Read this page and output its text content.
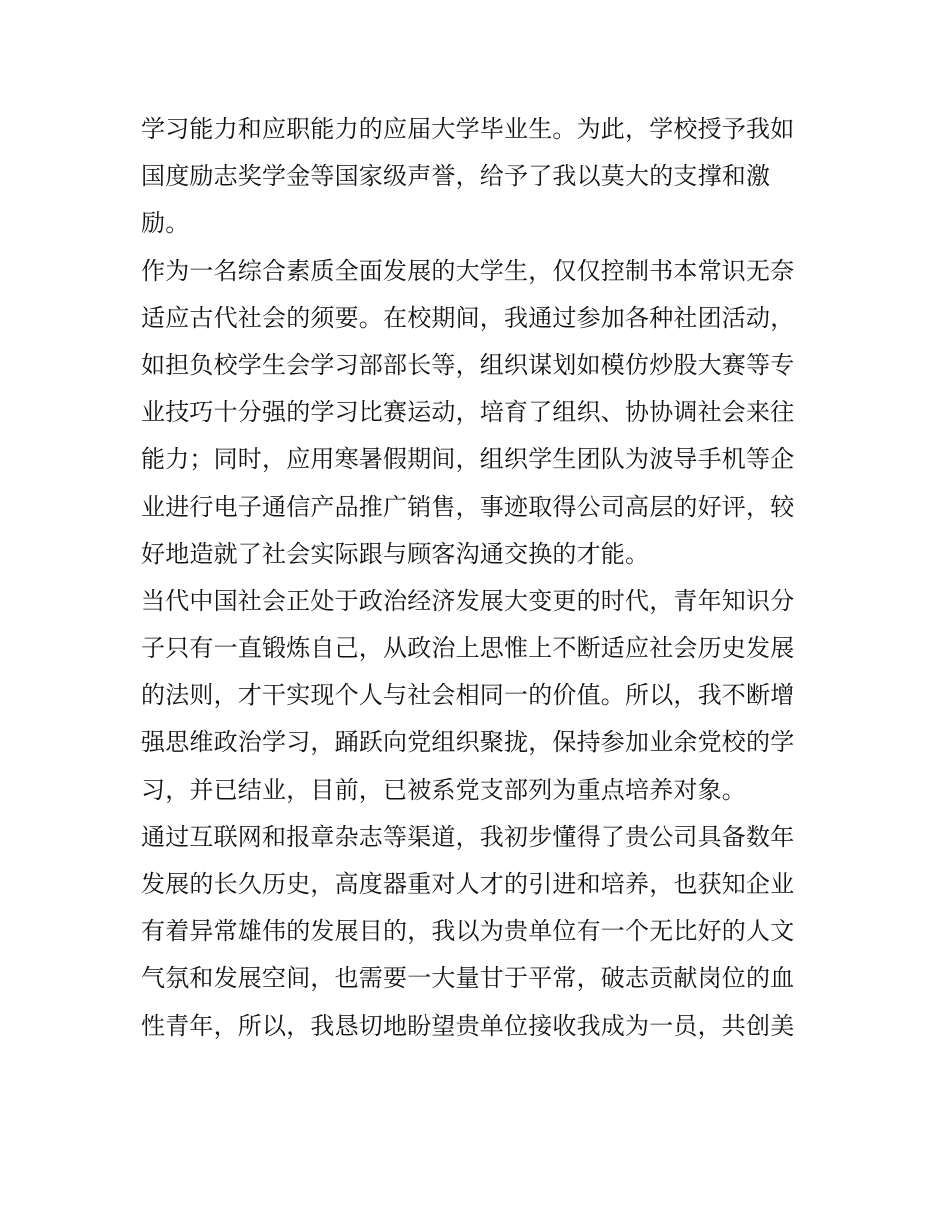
学习能力和应职能力的应届大学毕业生。为此，学校授予我如
国度励志奖学金等国家级声誉，给予了我以莫大的支撑和激
励。
作为一名综合素质全面发展的大学生，仅仅控制书本常识无奈
适应古代社会的须要。在校期间，我通过参加各种社团活动，
如担负校学生会学习部部长等，组织谋划如模仿炒股大赛等专
业技巧十分强的学习比赛运动，培育了组织、协协调社会来往
能力；同时，应用寒暑假期间，组织学生团队为波导手机等企
业进行电子通信产品推广销售，事迹取得公司高层的好评，较
好地造就了社会实际跟与顾客沟通交换的才能。
当代中国社会正处于政治经济发展大变更的时代，青年知识分
子只有一直锻炼自己，从政治上思惟上不断适应社会历史发展
的法则，才干实现个人与社会相同一的价值。所以，我不断增
强思维政治学习，踊跃向党组织聚拢，保持参加业余党校的学
习，并已结业，目前，已被系党支部列为重点培养对象。
通过互联网和报章杂志等渠道，我初步懂得了贵公司具备数年
发展的长久历史，高度器重对人才的引进和培养，也获知企业
有着异常雄伟的发展目的，我以为贵单位有一个无比好的人文
气氛和发展空间，也需要一大量甘于平常，破志贡献岗位的血
性青年，所以，我恳切地盼望贵单位接收我成为一员，共创美
